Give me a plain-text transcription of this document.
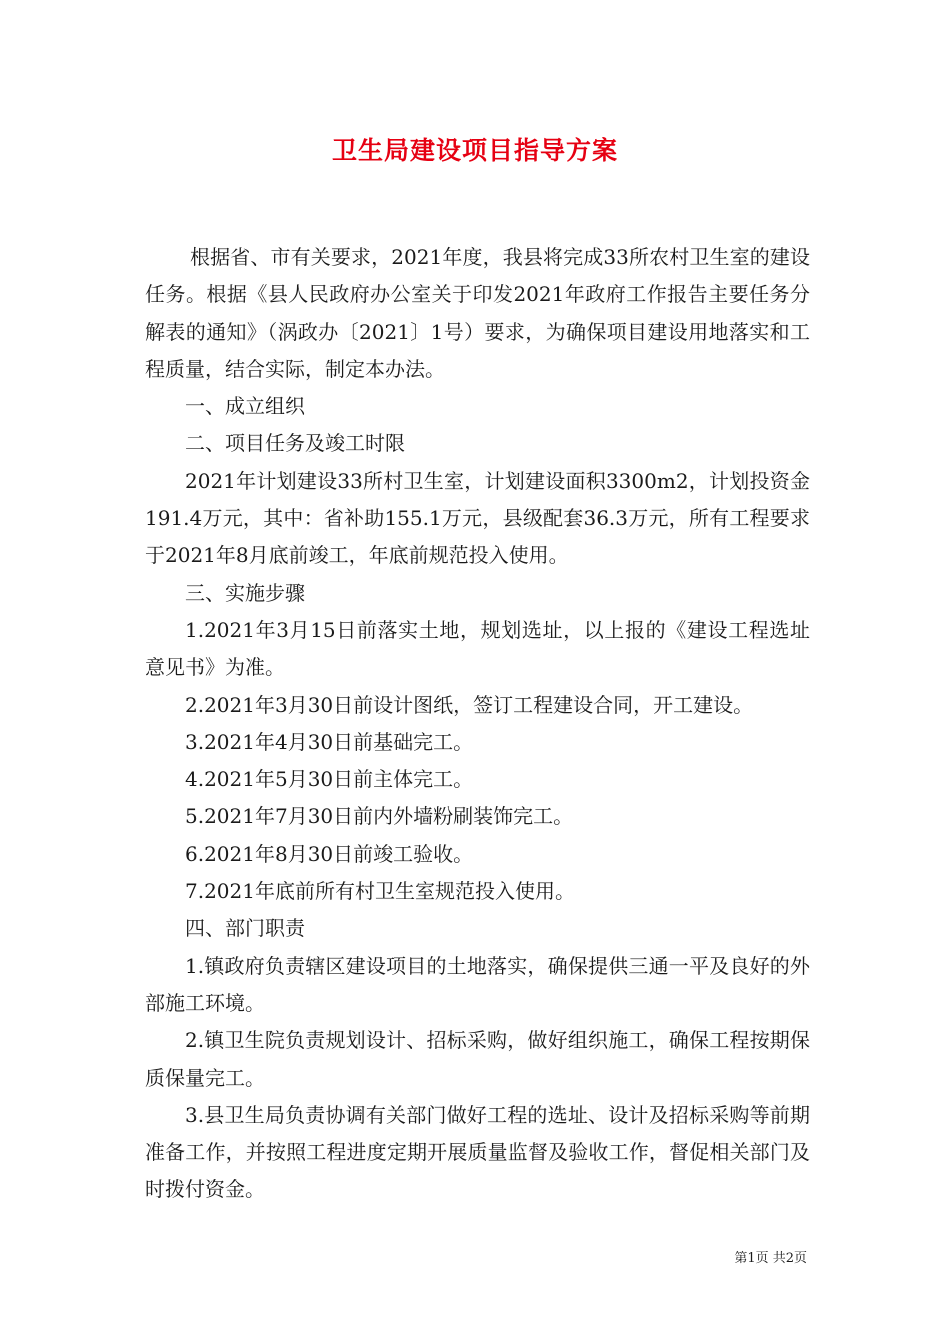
卫生局建设项目指导方案

根据省、市有关要求，2021年度，我县将完成33所农村卫生室的建设任务。根据《县人民政府办公室关于印发2021年政府工作报告主要任务分解表的通知》（涡政办〔2021〕1号）要求，为确保项目建设用地落实和工程质量，结合实际，制定本办法。

一、成立组织

二、项目任务及竣工时限

2021年计划建设33所村卫生室，计划建设面积3300m2，计划投资金191.4万元，其中：省补助155.1万元，县级配套36.3万元，所有工程要求于2021年8月底前竣工，年底前规范投入使用。

三、实施步骤

1.2021年3月15日前落实土地，规划选址，以上报的《建设工程选址意见书》为准。

2.2021年3月30日前设计图纸，签订工程建设合同，开工建设。

3.2021年4月30日前基础完工。

4.2021年5月30日前主体完工。

5.2021年7月30日前内外墙粉刷装饰完工。

6.2021年8月30日前竣工验收。

7.2021年底前所有村卫生室规范投入使用。

四、部门职责

1.镇政府负责辖区建设项目的土地落实，确保提供三通一平及良好的外部施工环境。

2.镇卫生院负责规划设计、招标采购，做好组织施工，确保工程按期保质保量完工。

3.县卫生局负责协调有关部门做好工程的选址、设计及招标采购等前期准备工作，并按照工程进度定期开展质量监督及验收工作，督促相关部门及时拨付资金。

第1页 共2页
